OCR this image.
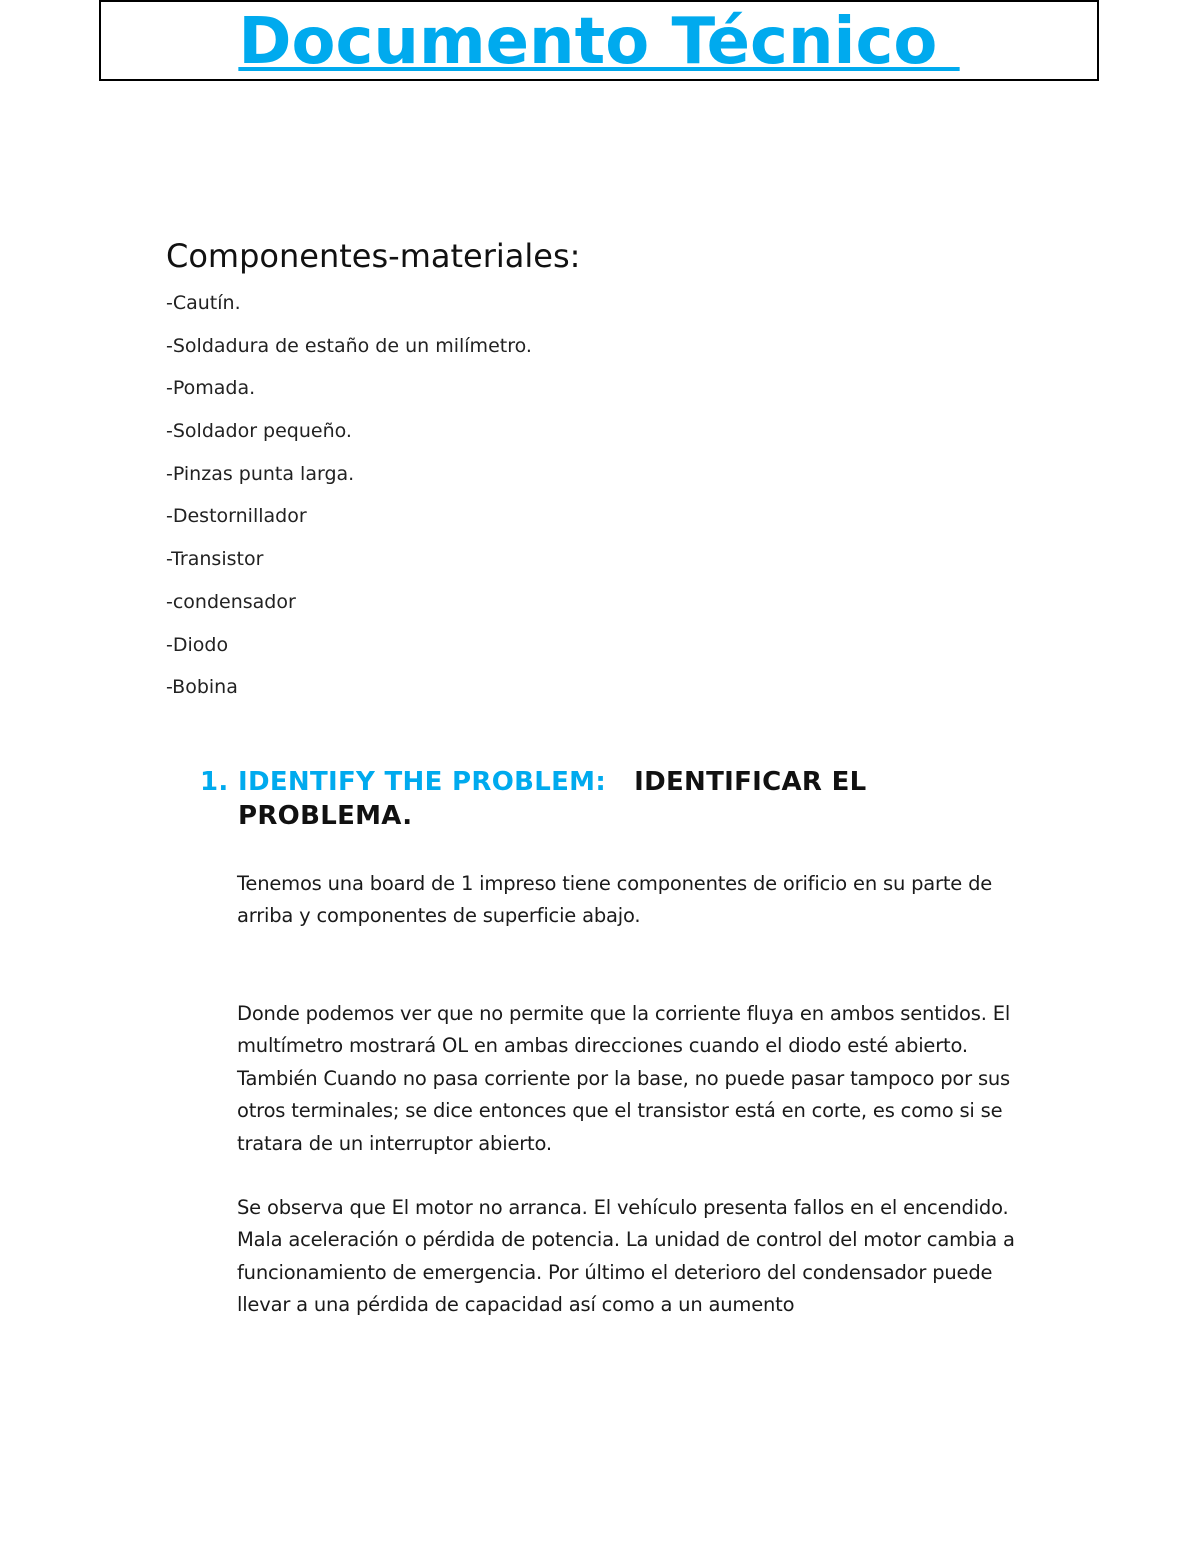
Documento Técnico
Componentes-materiales:
-Cautín.
-Soldadura de estaño de un milímetro.
-Pomada.
-Soldador pequeño.
-Pinzas punta larga.
-Destornillador
-Transistor
-condensador
-Diodo
-Bobina
1. IDENTIFY THE PROBLEM: IDENTIFICAR EL PROBLEMA.
Tenemos una board de 1 impreso tiene componentes de orificio en su parte de arriba y componentes de superficie abajo.
Donde podemos ver que no permite que la corriente fluya en ambos sentidos. El multímetro mostrará OL en ambas direcciones cuando el diodo esté abierto. También Cuando no pasa corriente por la base, no puede pasar tampoco por sus otros terminales; se dice entonces que el transistor está en corte, es como si se tratara de un interruptor abierto.
Se observa que El motor no arranca. El vehículo presenta fallos en el encendido. Mala aceleración o pérdida de potencia. La unidad de control del motor cambia a funcionamiento de emergencia. Por último el deterioro del condensador puede llevar a una pérdida de capacidad así como a un aumento
